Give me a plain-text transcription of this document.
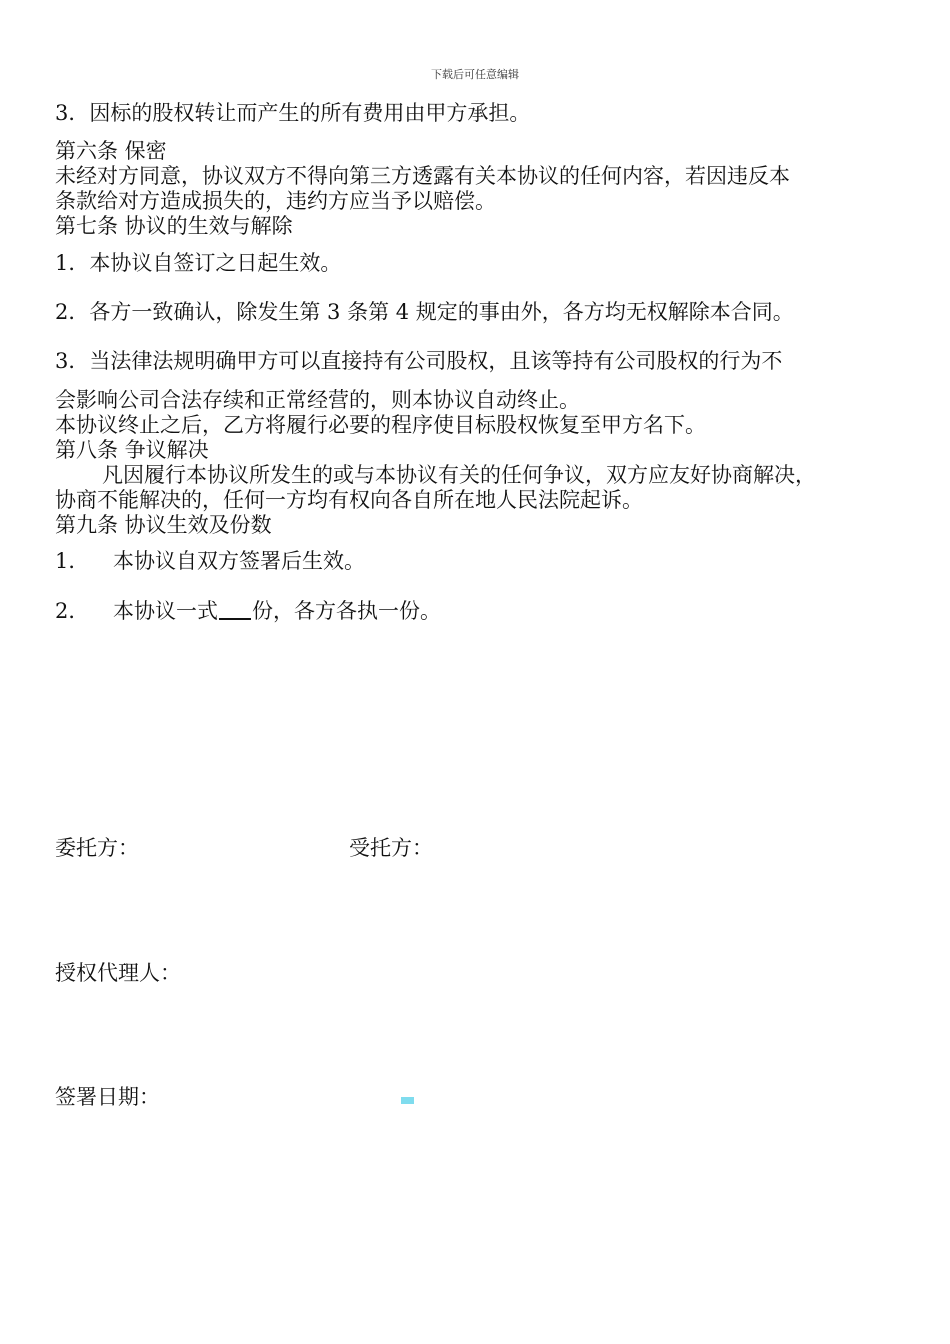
下载后可任意编辑
3．因标的股权转让而产生的所有费用由甲方承担。
第六条 保密
未经对方同意，协议双方不得向第三方透露有关本协议的任何内容，若因违反本
条款给对方造成损失的，违约方应当予以赔偿。
第七条 协议的生效与解除
1．本协议自签订之日起生效。
2．各方一致确认，除发生第 3 条第 4 规定的事由外，各方均无权解除本合同。
3．当法律法规明确甲方可以直接持有公司股权，且该等持有公司股权的行为不
会影响公司合法存续和正常经营的，则本协议自动终止。
本协议终止之后，乙方将履行必要的程序使目标股权恢复至甲方名下。
第八条 争议解决
凡因履行本协议所发生的或与本协议有关的任何争议，双方应友好协商解决，
协商不能解决的，任何一方均有权向各自所在地人民法院起诉。
第九条 协议生效及份数
1． 本协议自双方签署后生效。
2． 本协议一式 份，各方各执一份。
委托方：	受托方：
授权代理人：
签署日期：
